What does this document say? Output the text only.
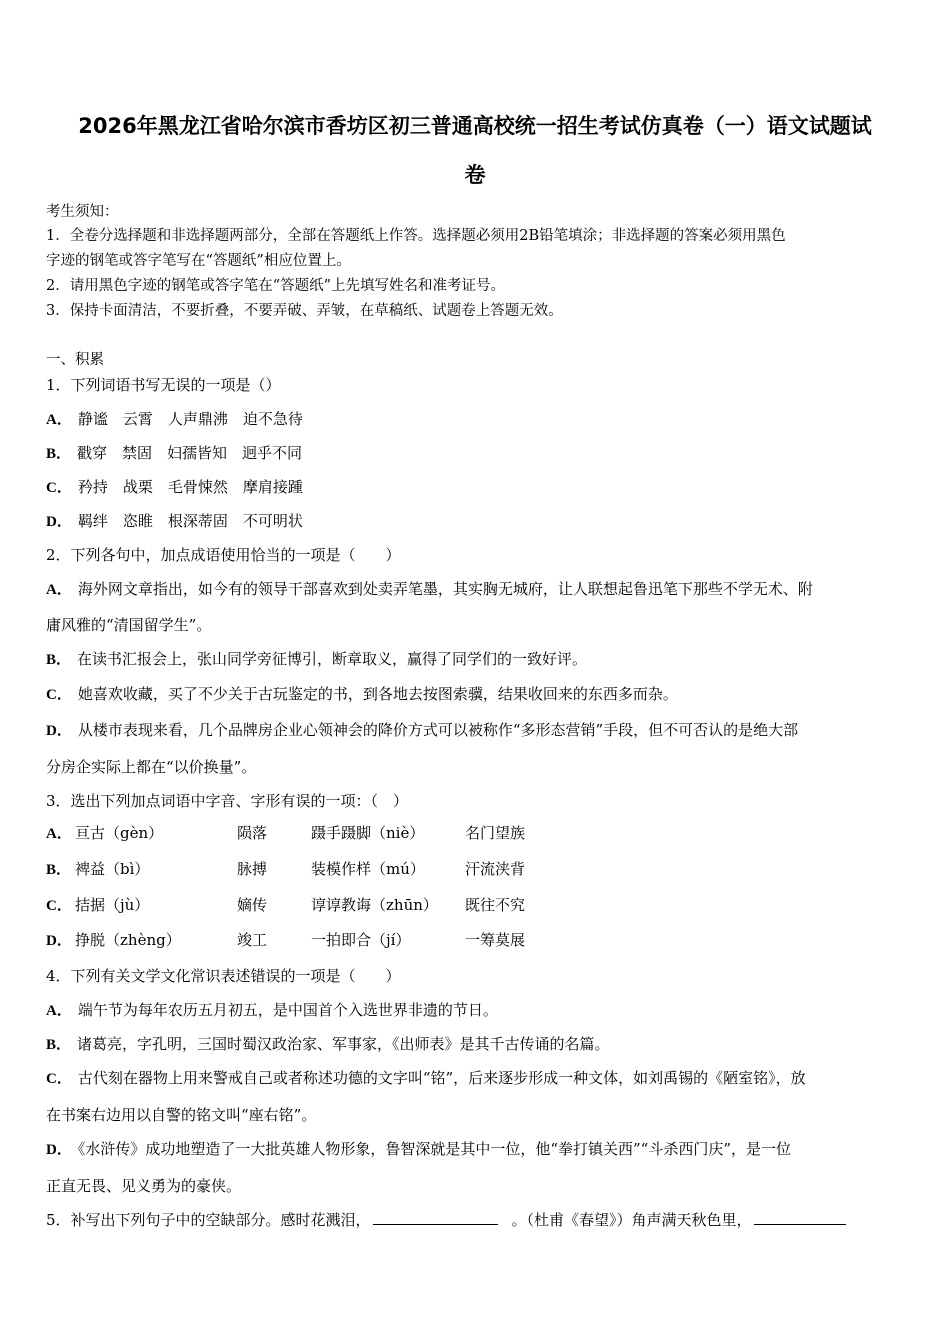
2026年黑龙江省哈尔滨市香坊区初三普通高校统一招生考试仿真卷（一）语文试题试
卷
考生须知：
1．全卷分选择题和非选择题两部分，全部在答题纸上作答。选择题必须用2B铅笔填涂；非选择题的答案必须用黑色
字迹的钢笔或答字笔写在“答题纸”相应位置上。
2．请用黑色字迹的钢笔或答字笔在“答题纸”上先填写姓名和准考证号。
3．保持卡面清洁，不要折叠，不要弄破、弄皱，在草稿纸、试题卷上答题无效。
一、积累
1．下列词语书写无误的一项是（）
A． 静谧　云霄　人声鼎沸　迫不急待
B． 戳穿　禁固　妇孺皆知　迥乎不同
C． 矜持　战栗　毛骨悚然　摩肩接踵
D． 羁绊　恣睢　根深蒂固　不可明状
2．下列各句中，加点成语使用恰当的一项是（　　）
A． 海外网文章指出，如今有的领导干部喜欢到处卖弄笔墨，其实胸无城府，让人联想起鲁迅笔下那些不学无术、附
庸风雅的“清国留学生”。
B． 在读书汇报会上，张山同学旁征博引，断章取义，赢得了同学们的一致好评。
C． 她喜欢收藏，买了不少关于古玩鉴定的书，到各地去按图索骥，结果收回来的东西多而杂。
D． 从楼市表现来看，几个品牌房企业心领神会的降价方式可以被称作“多形态营销”手段，但不可否认的是绝大部
分房企实际上都在“以价换量”。
3．选出下列加点词语中字音、字形有误的一项：（　）
A． 亘古（gèn）	陨落	蹑手蹑脚（niè）	名门望族
B． 裨益（bì）	脉搏	装模作样（mú）	汗流浃背
C． 拮据（jù）	嫡传	谆谆教诲（zhūn） 既往不究
D． 挣脱（zhèng）	竣工	一拍即合（jí）	一筹莫展
4．下列有关文学文化常识表述错误的一项是（　　）
A． 端午节为每年农历五月初五，是中国首个入选世界非遗的节日。
B． 诸葛亮，字孔明，三国时蜀汉政治家、军事家，《出师表》是其千古传诵的名篇。
C． 古代刻在器物上用来警戒自己或者称述功德的文字叫“铭”，后来逐步形成一种文体，如刘禹锡的《陋室铭》，放
在书案右边用以自警的铭文叫“座右铭”。
D． 《水浒传》成功地塑造了一大批英雄人物形象，鲁智深就是其中一位，他“拳打镇关西”“斗杀西门庆”，是一位
正直无畏、见义勇为的豪侠。
5．补写出下列句子中的空缺部分。感时花溅泪，	。（杜甫《春望》）角声满天秋色里，
